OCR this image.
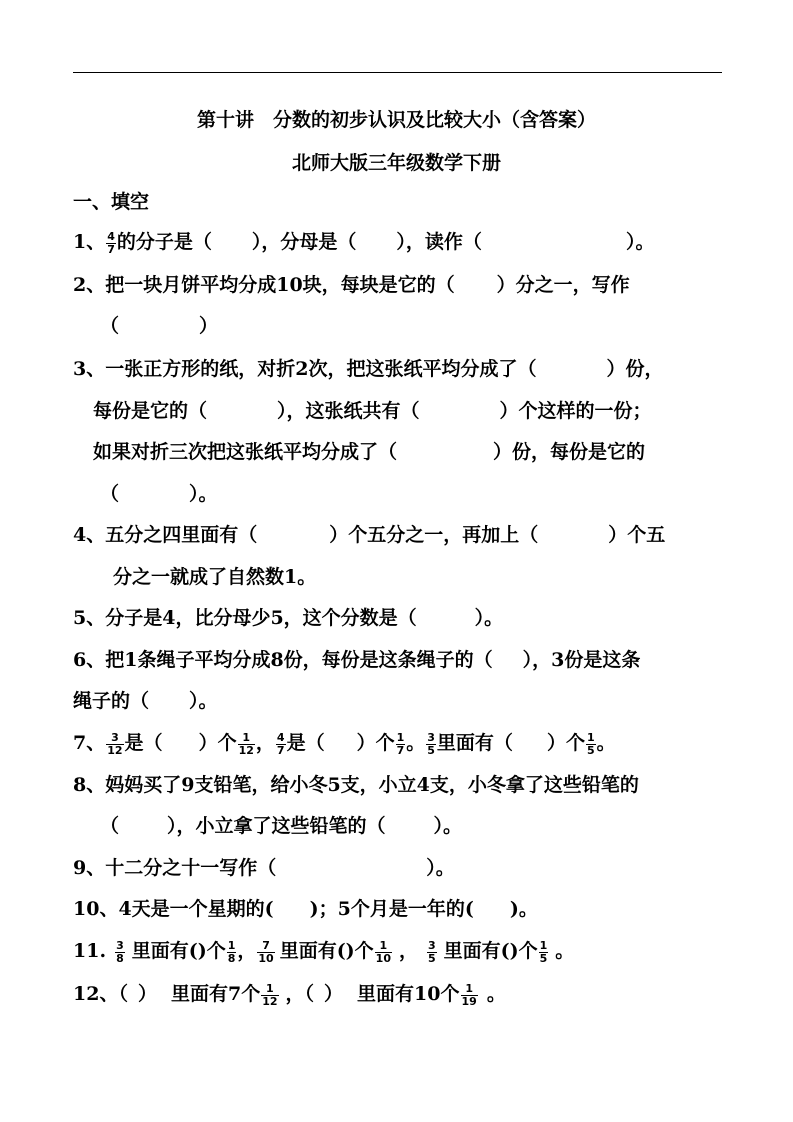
第十讲　分数的初步认识及比较大小（含答案）
北师大版三年级数学下册
一、填空
1、 $\frac{4}{7}$ 的分子是（ ），分母是（ ），读作（	）。
2、把一块月饼平均分成10块，每块是它的（ ）分之一，写作
（	）
3、一张正方形的纸，对折2次，把这张纸平均分成了（	）份，
每份是它的（	），这张纸共有（	）个这样的一份；
如果对折三次把这张纸平均分成了（	）份，每份是它的
（	）。
4、五分之四里面有（	）个五分之一，再加上（	）个五
分之一就成了自然数1。
5、分子是4，比分母少5，这个分数是（	）。
6、把1条绳子平均分成8份，每份是这条绳子的（ ），3份是这条
绳子的（ ）。
7、 $\frac{3}{12}$ 是（ ）个 $\frac{1}{12}$ ， $\frac{4}{7}$ 是（ ）个 $\frac{1}{7}$ 。 $\frac{3}{5}$ 里面有（ ）个 $\frac{1}{5}$ 。
8、妈妈买了9支铅笔，给小冬5支，小立4支，小冬拿了这些铅笔的
（	），小立拿了这些铅笔的（	）。
9、十二分之十一写作（	）。
10、4天是一个星期的( )；5个月是一年的( )。
11. $\frac{3}{8}$ 里面有()个 $\frac{1}{8}$ ， $\frac{7}{10}$ 里面有()个 $\frac{1}{10}$ ， $\frac{3}{5}$ 里面有()个 $\frac{1}{5}$ 。
12、（ ） 里面有7个 $\frac{1}{12}$ ，（ ） 里面有10个 $\frac{1}{19}$ 。
